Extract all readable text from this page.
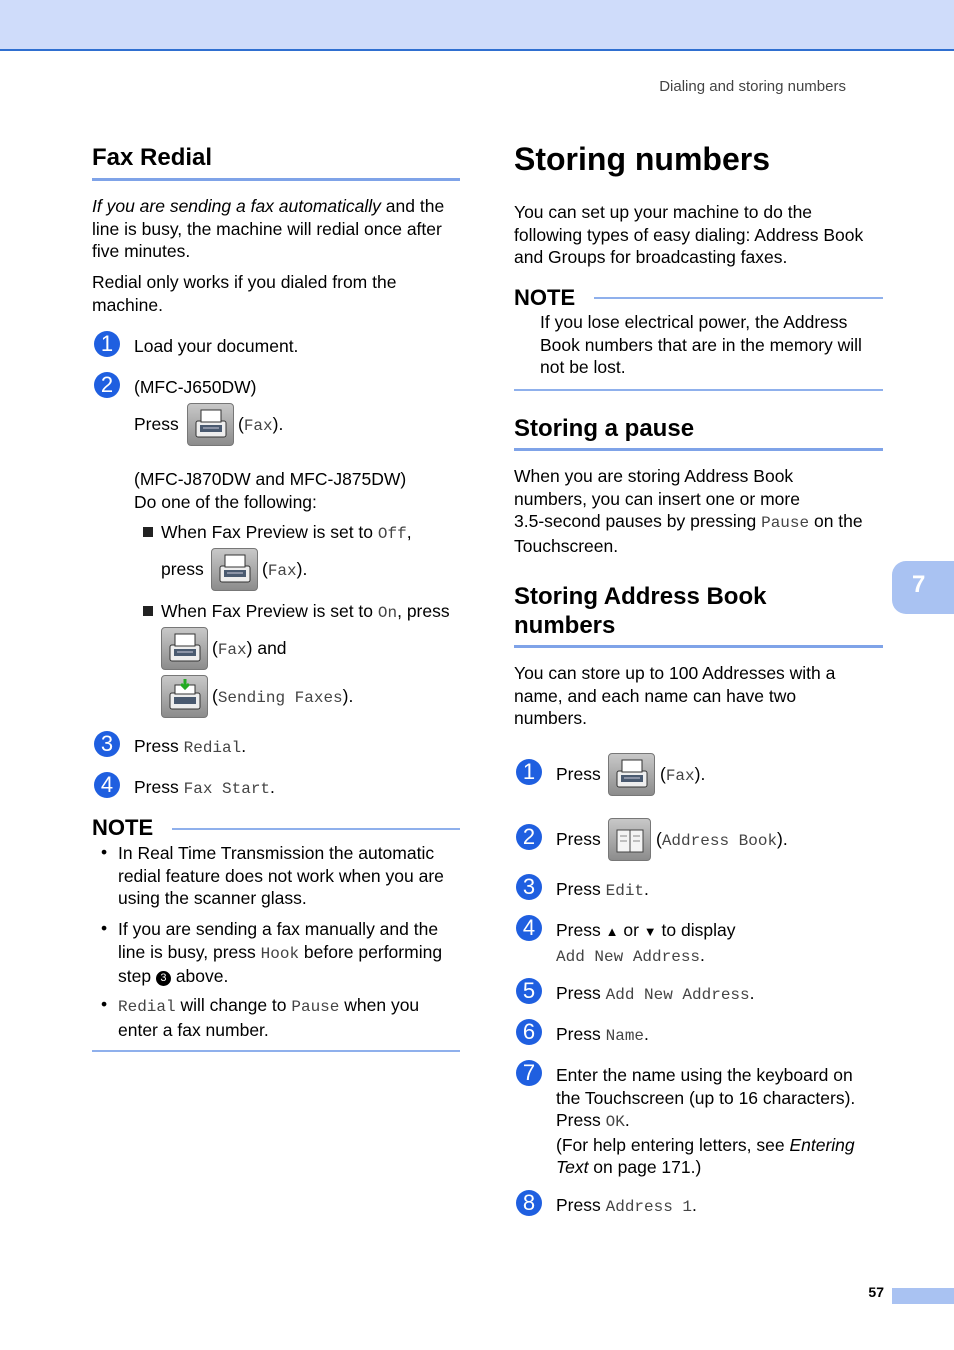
Dialing and storing numbers
7
57
Fax Redial
If you are sending a fax automatically and the
line is busy, the machine will redial once after
five minutes.
Redial only works if you dialed from the
machine.
1	Load your document.
2	(MFC-J650DW)
Press	(Fax).
(MFC-J870DW and MFC-J875DW)
Do one of the following:
When Fax Preview is set to Off,
press	(Fax).
When Fax Preview is set to On, press
(Fax) and
(Sending Faxes).
3	Press Redial.
4	Press Fax Start.
NOTE
• In Real Time Transmission the automatic
redial feature does not work when you are
using the scanner glass.
• If you are sending a fax manually and the
line is busy, press Hook before performing
step 3 above.
• Redial will change to Pause when you
enter a fax number.
Storing numbers
You can set up your machine to do the
following types of easy dialing: Address Book
and Groups for broadcasting faxes.
NOTE
If you lose electrical power, the Address
Book numbers that are in the memory will
not be lost.
Storing a pause
When you are storing Address Book
numbers, you can insert one or more
3.5-second pauses by pressing Pause on the
Touchscreen.
Storing Address Book
numbers
You can store up to 100 Addresses with a
name, and each name can have two
numbers.
1	Press	(Fax).
2	Press	(Address Book).
3	Press Edit.
4	Press ▲ or ▼ to display
Add New Address.
5	Press Add New Address.
6	Press Name.
7	Enter the name using the keyboard on
the Touchscreen (up to 16 characters).
Press OK.
(For help entering letters, see Entering
Text on page 171.)
8	Press Address 1.
